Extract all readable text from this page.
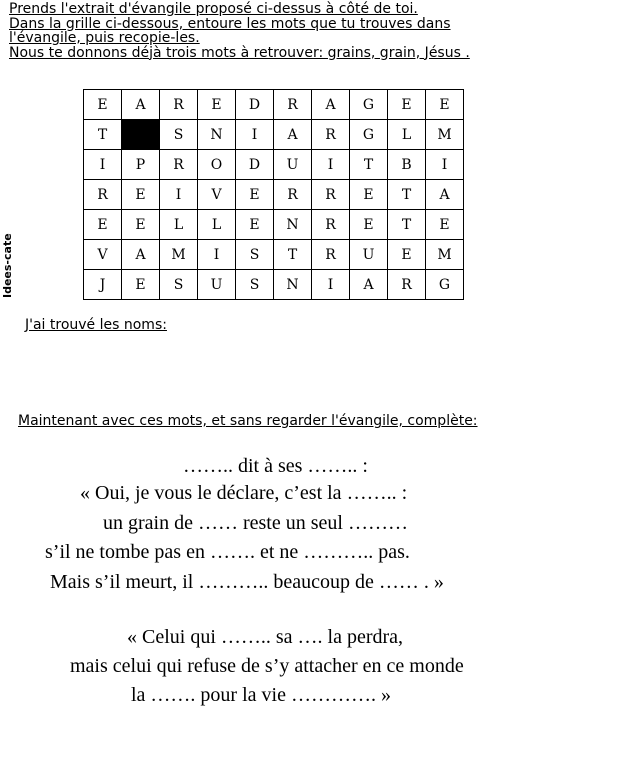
Prends l'extrait d'évangile proposé ci-dessus à côté de toi.
Dans la grille ci-dessous, entoure les mots que tu trouves dans
l'évangile, puis recopie-les.
Nous te donnons déjà trois mots à retrouver: grains, grain, Jésus .
Idees-cate
E	A	R	E	D	R	A	G	E	E
T		S	N	I	A	R	G	L	M
I	P	R	O	D	U	I	T	B	I
R	E	I	V	E	R	R	E	T	A
E	E	L	L	E	N	R	E	T	E
V	A	M	I	S	T	R	U	E	M
J	E	S	U	S	N	I	A	R	G
J'ai trouvé les noms:
Maintenant avec ces mots, et sans regarder l'évangile, complète:
…….. dit à ses …….. :
« Oui, je vous le déclare, c’est la …….. :
un grain de …… reste un seul ………
s’il ne tombe pas en ……. et ne ……….. pas.
Mais s’il meurt, il ……….. beaucoup de …… . »
« Celui qui …….. sa …. la perdra,
mais celui qui refuse de s’y attacher en ce monde
la ……. pour la vie …………. »
